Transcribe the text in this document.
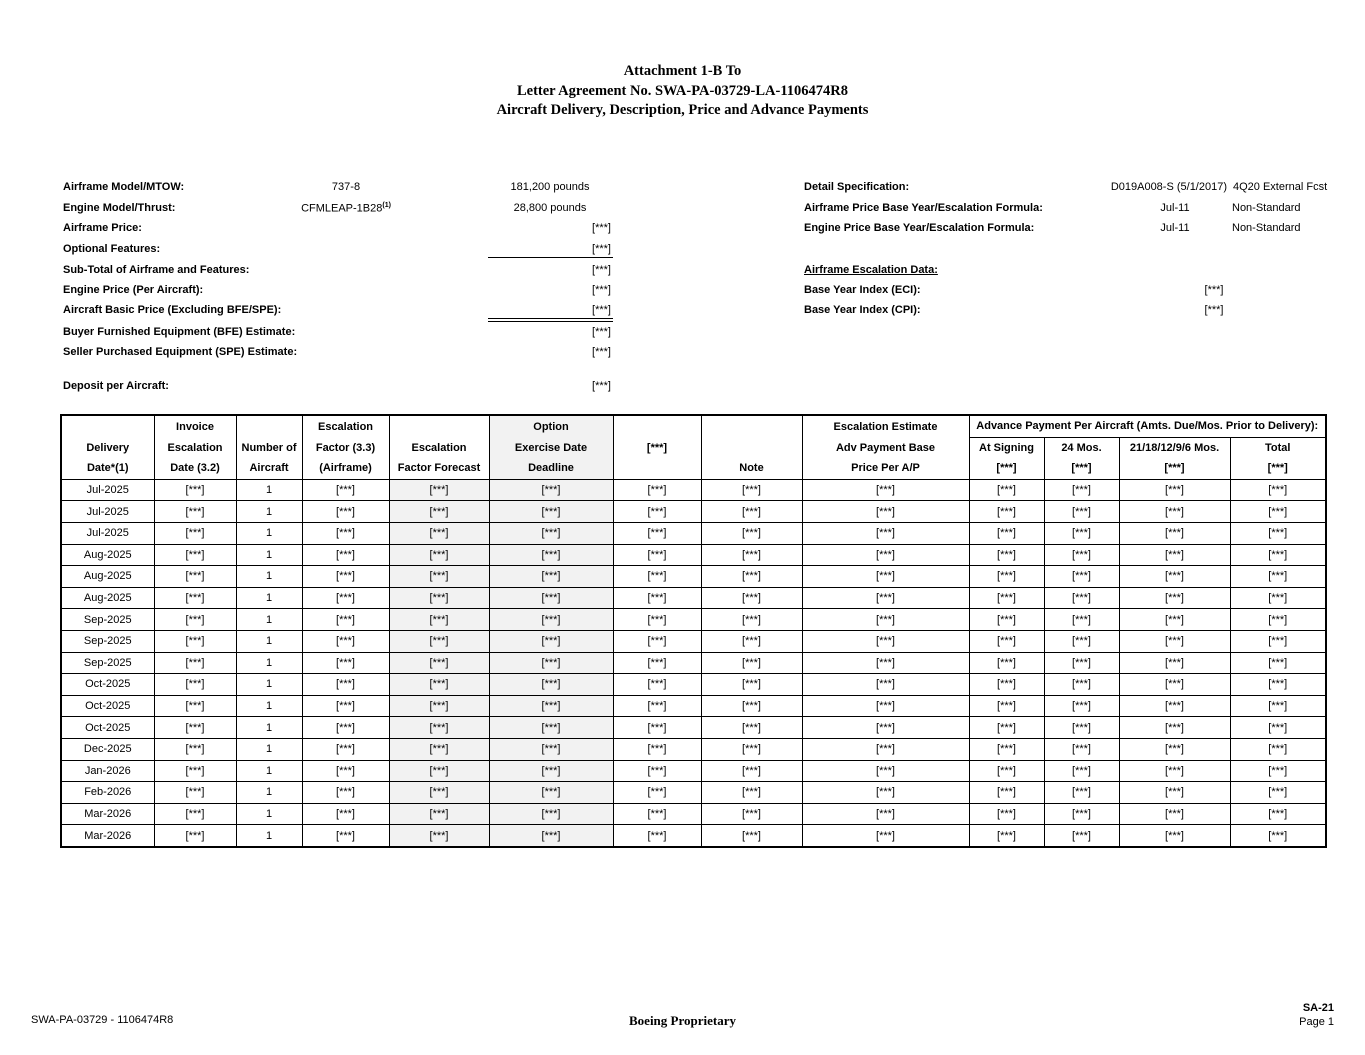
Attachment 1-B To
Letter Agreement No. SWA-PA-03729-LA-1106474R8
Aircraft Delivery, Description, Price and Advance Payments
Airframe Model/MTOW:	737-8	181,200 pounds
Engine Model/Thrust:	CFMLEAP-1B28$^{(1)}$	28,800 pounds
Airframe Price:	[***]
Optional Features:	[***]
Sub-Total of Airframe and Features:	[***]
Engine Price (Per Aircraft):	[***]
Aircraft Basic Price (Excluding BFE/SPE):	[***]
Buyer Furnished Equipment (BFE) Estimate:	[***]
Seller Purchased Equipment (SPE) Estimate:	[***]
Deposit per Aircraft:	[***]
Detail Specification:	D019A008-S (5/1/2017) 4Q20 External Fcst
Airframe Price Base Year/Escalation Formula:	Jul-11	Non-Standard
Engine Price Base Year/Escalation Formula:	Jul-11	Non-Standard
Airframe Escalation Data:
Base Year Index (ECI):	[***]
Base Year Index (CPI):	[***]
	Invoice		Escalation		Option			Escalation Estimate	Advance Payment Per Aircraft (Amts. Due/Mos. Prior to Delivery):			
Delivery	Escalation	Number of	Factor (3.3)	Escalation	Exercise Date	[***]		Adv Payment Base	At Signing	24 Mos.	21/18/12/9/6 Mos.	Total
Date*(1)	Date (3.2)	Aircraft	(Airframe)	Factor Forecast	Deadline		Note	Price Per A/P	[***]	[***]	[***]	[***]
Jul-2025	[***]	1	[***]	[***]	[***]	[***]	[***]	[***]	[***]	[***]	[***]	[***]
Jul-2025	[***]	1	[***]	[***]	[***]	[***]	[***]	[***]	[***]	[***]	[***]	[***]
Jul-2025	[***]	1	[***]	[***]	[***]	[***]	[***]	[***]	[***]	[***]	[***]	[***]
Aug-2025	[***]	1	[***]	[***]	[***]	[***]	[***]	[***]	[***]	[***]	[***]	[***]
Aug-2025	[***]	1	[***]	[***]	[***]	[***]	[***]	[***]	[***]	[***]	[***]	[***]
Aug-2025	[***]	1	[***]	[***]	[***]	[***]	[***]	[***]	[***]	[***]	[***]	[***]
Sep-2025	[***]	1	[***]	[***]	[***]	[***]	[***]	[***]	[***]	[***]	[***]	[***]
Sep-2025	[***]	1	[***]	[***]	[***]	[***]	[***]	[***]	[***]	[***]	[***]	[***]
Sep-2025	[***]	1	[***]	[***]	[***]	[***]	[***]	[***]	[***]	[***]	[***]	[***]
Oct-2025	[***]	1	[***]	[***]	[***]	[***]	[***]	[***]	[***]	[***]	[***]	[***]
Oct-2025	[***]	1	[***]	[***]	[***]	[***]	[***]	[***]	[***]	[***]	[***]	[***]
Oct-2025	[***]	1	[***]	[***]	[***]	[***]	[***]	[***]	[***]	[***]	[***]	[***]
Dec-2025	[***]	1	[***]	[***]	[***]	[***]	[***]	[***]	[***]	[***]	[***]	[***]
Jan-2026	[***]	1	[***]	[***]	[***]	[***]	[***]	[***]	[***]	[***]	[***]	[***]
Feb-2026	[***]	1	[***]	[***]	[***]	[***]	[***]	[***]	[***]	[***]	[***]	[***]
Mar-2026	[***]	1	[***]	[***]	[***]	[***]	[***]	[***]	[***]	[***]	[***]	[***]
Mar-2026	[***]	1	[***]	[***]	[***]	[***]	[***]	[***]	[***]	[***]	[***]	[***]
SWA-PA-03729 - 1106474R8	Boeing Proprietary
SA-21
Page 1
